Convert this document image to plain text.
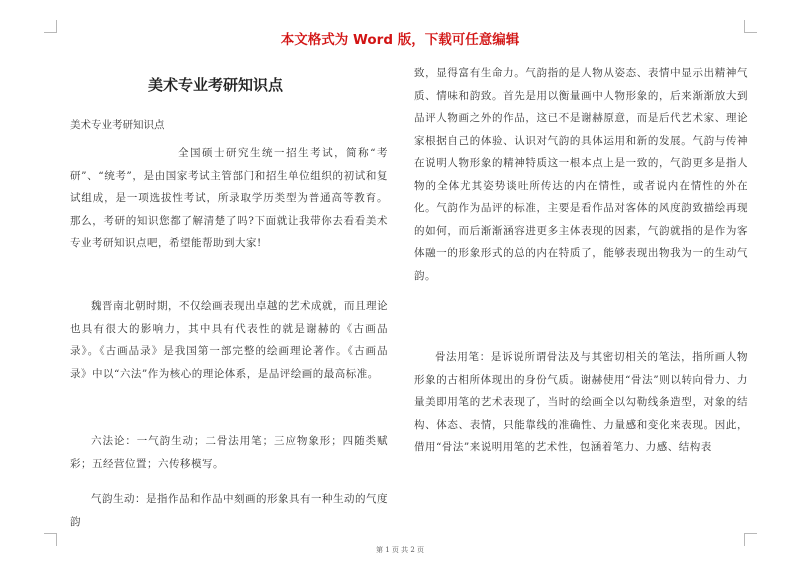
本文格式为 Word 版，下载可任意编辑
美术专业考研知识点
美术专业考研知识点

全国硕士研究生统一招生考试，简称“考研”、“统考”，是由国家考试主管部门和招生单位组织的初试和复试组成，是一项选拔性考试，所录取学历类型为普通高等教育。那么，考研的知识您都了解清楚了吗?下面就让我带你去看看美术专业考研知识点吧，希望能帮助到大家!

魏晋南北朝时期，不仅绘画表现出卓越的艺术成就，而且理论也具有很大的影响力，其中具有代表性的就是谢赫的《古画品录》。《古画品录》是我国第一部完整的绘画理论著作。《古画品录》中以“六法”作为核心的理论体系，是品评绘画的最高标准。

六法论：一气韵生动；二骨法用笔；三应物象形；四随类赋彩；五经营位置；六传移模写。

气韵生动：是指作品和作品中刻画的形象具有一种生动的气度韵

致，显得富有生命力。气韵指的是人物从姿态、表情中显示出精神气质、情味和韵致。首先是用以衡量画中人物形象的，后来渐渐放大到品评人物画之外的作品，这已不是谢赫原意，而是后代艺术家、理论家根据自己的体验、认识对气韵的具体运用和新的发展。气韵与传神在说明人物形象的精神特质这一根本点上是一致的，气韵更多是指人物的全体尤其姿势谈吐所传达的内在情性，或者说内在情性的外在化。气韵作为品评的标准，主要是看作品对客体的风度韵致描绘再现的如何，而后渐渐涵容进更多主体表现的因素，气韵就指的是作为客体融一的形象形式的总的内在特质了，能够表现出物我为一的生动气韵。

骨法用笔：是诉说所谓骨法及与其密切相关的笔法，指所画人物形象的古相所体现出的身份气质。谢赫使用“骨法”则以转向骨力、力量美即用笔的艺术表现了，当时的绘画全以勾勒线条造型，对象的结构、体态、表情，只能靠线的准确性、力量感和变化来表现。因此，借用“骨法”来说明用笔的艺术性，包涵着笔力、力感、结构表

第 1 页 共 2 页
